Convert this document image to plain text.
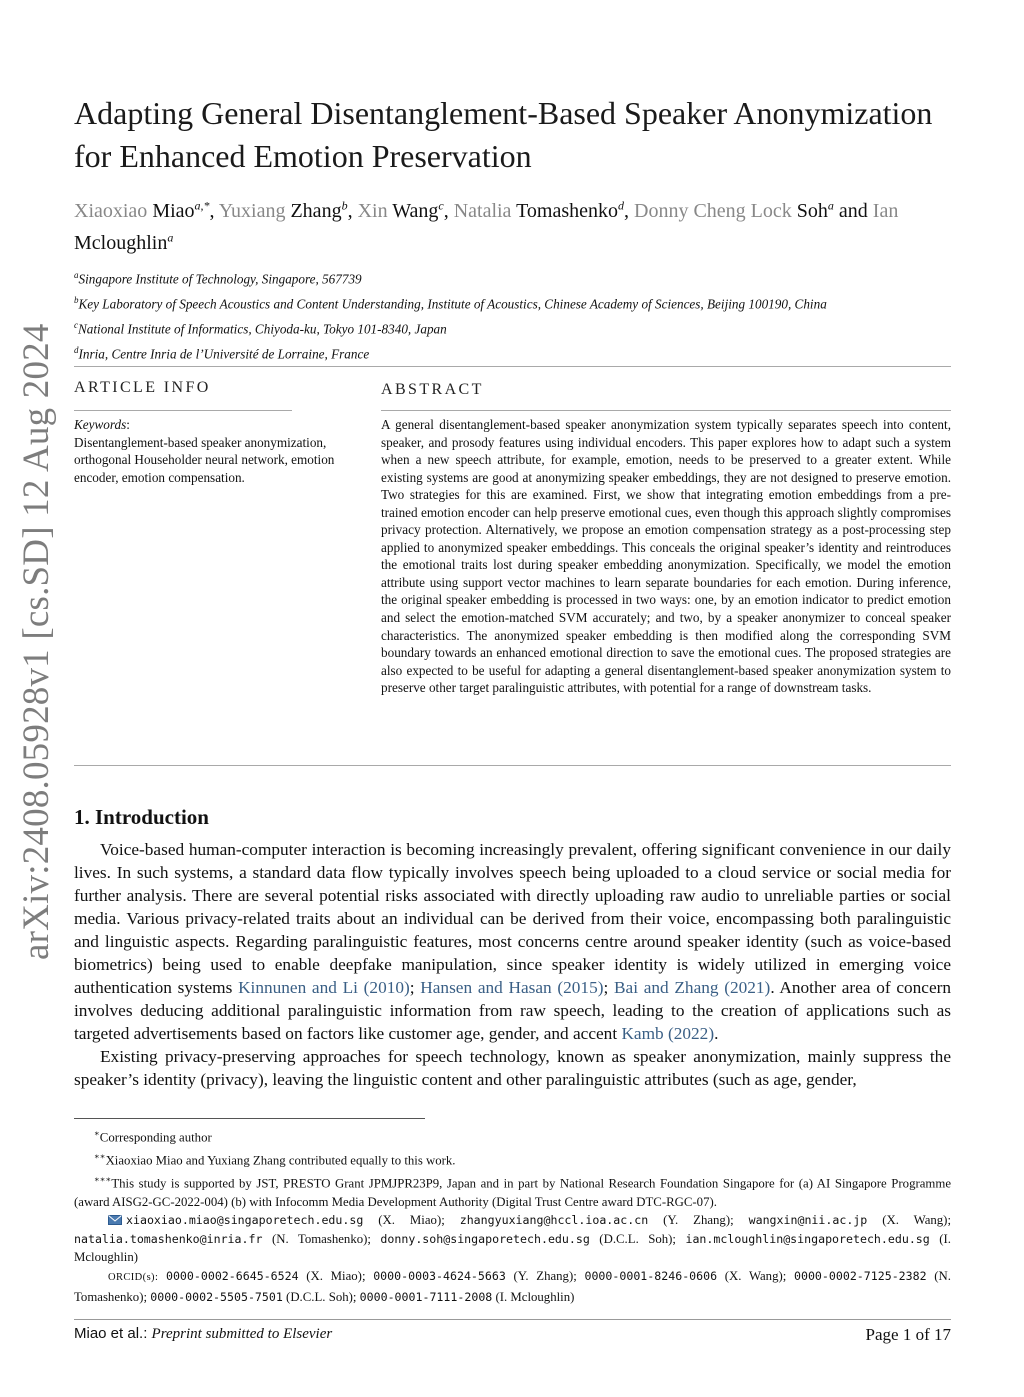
arXiv:2408.05928v1 [cs.SD] 12 Aug 2024
Adapting General Disentanglement-Based Speaker Anonymization for Enhanced Emotion Preservation
Xiaoxiao Miao$^{a,*}$, Yuxiang Zhang$^b$, Xin Wang$^c$, Natalia Tomashenko$^d$, Donny Cheng Lock Soh$^a$ and Ian Mcloughlin$^a$
$^a$Singapore Institute of Technology, Singapore, 567739
$^b$Key Laboratory of Speech Acoustics and Content Understanding, Institute of Acoustics, Chinese Academy of Sciences, Beijing 100190, China
$^c$National Institute of Informatics, Chiyoda-ku, Tokyo 101-8340, Japan
$^d$Inria, Centre Inria de l’Université de Lorraine, France
ARTICLE INFO
Keywords:
Disentanglement-based speaker anonymization, orthogonal Householder neural network, emotion encoder, emotion compensation.
ABSTRACT
A general disentanglement-based speaker anonymization system typically separates speech into content, speaker, and prosody features using individual encoders. This paper explores how to adapt such a system when a new speech attribute, for example, emotion, needs to be preserved to a greater extent. While existing systems are good at anonymizing speaker embeddings, they are not designed to preserve emotion. Two strategies for this are examined. First, we show that integrating emotion embeddings from a pre-trained emotion encoder can help preserve emotional cues, even though this approach slightly compromises privacy protection. Alternatively, we propose an emotion compensation strategy as a post-processing step applied to anonymized speaker embeddings. This conceals the original speaker’s identity and reintroduces the emotional traits lost during speaker embedding anonymization. Specifically, we model the emotion attribute using support vector machines to learn separate boundaries for each emotion. During inference, the original speaker embedding is processed in two ways: one, by an emotion indicator to predict emotion and select the emotion-matched SVM accurately; and two, by a speaker anonymizer to conceal speaker characteristics. The anonymized speaker embedding is then modified along the corresponding SVM boundary towards an enhanced emotional direction to save the emotional cues. The proposed strategies are also expected to be useful for adapting a general disentanglement-based speaker anonymization system to preserve other target paralinguistic attributes, with potential for a range of downstream tasks.
1. Introduction

Voice-based human-computer interaction is becoming increasingly prevalent, offering significant convenience in our daily lives. In such systems, a standard data flow typically involves speech being uploaded to a cloud service or social media for further analysis. There are several potential risks associated with directly uploading raw audio to unreliable parties or social media. Various privacy-related traits about an individual can be derived from their voice, encompassing both paralinguistic and linguistic aspects. Regarding paralinguistic features, most concerns centre around speaker identity (such as voice-based biometrics) being used to enable deepfake manipulation, since speaker identity is widely utilized in emerging voice authentication systems Kinnunen and Li (2010); Hansen and Hasan (2015); Bai and Zhang (2021). Another area of concern involves deducing additional paralinguistic information from raw speech, leading to the creation of applications such as targeted advertisements based on factors like customer age, gender, and accent Kamb (2022).

Existing privacy-preserving approaches for speech technology, known as speaker anonymization, mainly suppress the speaker’s identity (privacy), leaving the linguistic content and other paralinguistic attributes (such as age, gender,

∗Corresponding author

∗∗Xiaoxiao Miao and Yuxiang Zhang contributed equally to this work.

∗∗∗This study is supported by JST, PRESTO Grant JPMJPR23P9, Japan and in part by National Research Foundation Singapore for (a) AI Singapore Programme (award AISG2-GC-2022-004) (b) with Infocomm Media Development Authority (Digital Trust Centre award DTC-RGC-07).

xiaoxiao.miao@singaporetech.edu.sg (X. Miao); zhangyuxiang@hccl.ioa.ac.cn (Y. Zhang); wangxin@nii.ac.jp (X. Wang); natalia.tomashenko@inria.fr (N. Tomashenko); donny.soh@singaporetech.edu.sg (D.C.L. Soh); ian.mcloughlin@singaporetech.edu.sg (I. Mcloughlin)

ORCID(s): 0000-0002-6645-6524 (X. Miao); 0000-0003-4624-5663 (Y. Zhang); 0000-0001-8246-0606 (X. Wang); 0000-0002-7125-2382 (N. Tomashenko); 0000-0002-5505-7501 (D.C.L. Soh); 0000-0001-7111-2008 (I. Mcloughlin)

Miao et al.: Preprint submitted to Elsevier	Page 1 of 17
